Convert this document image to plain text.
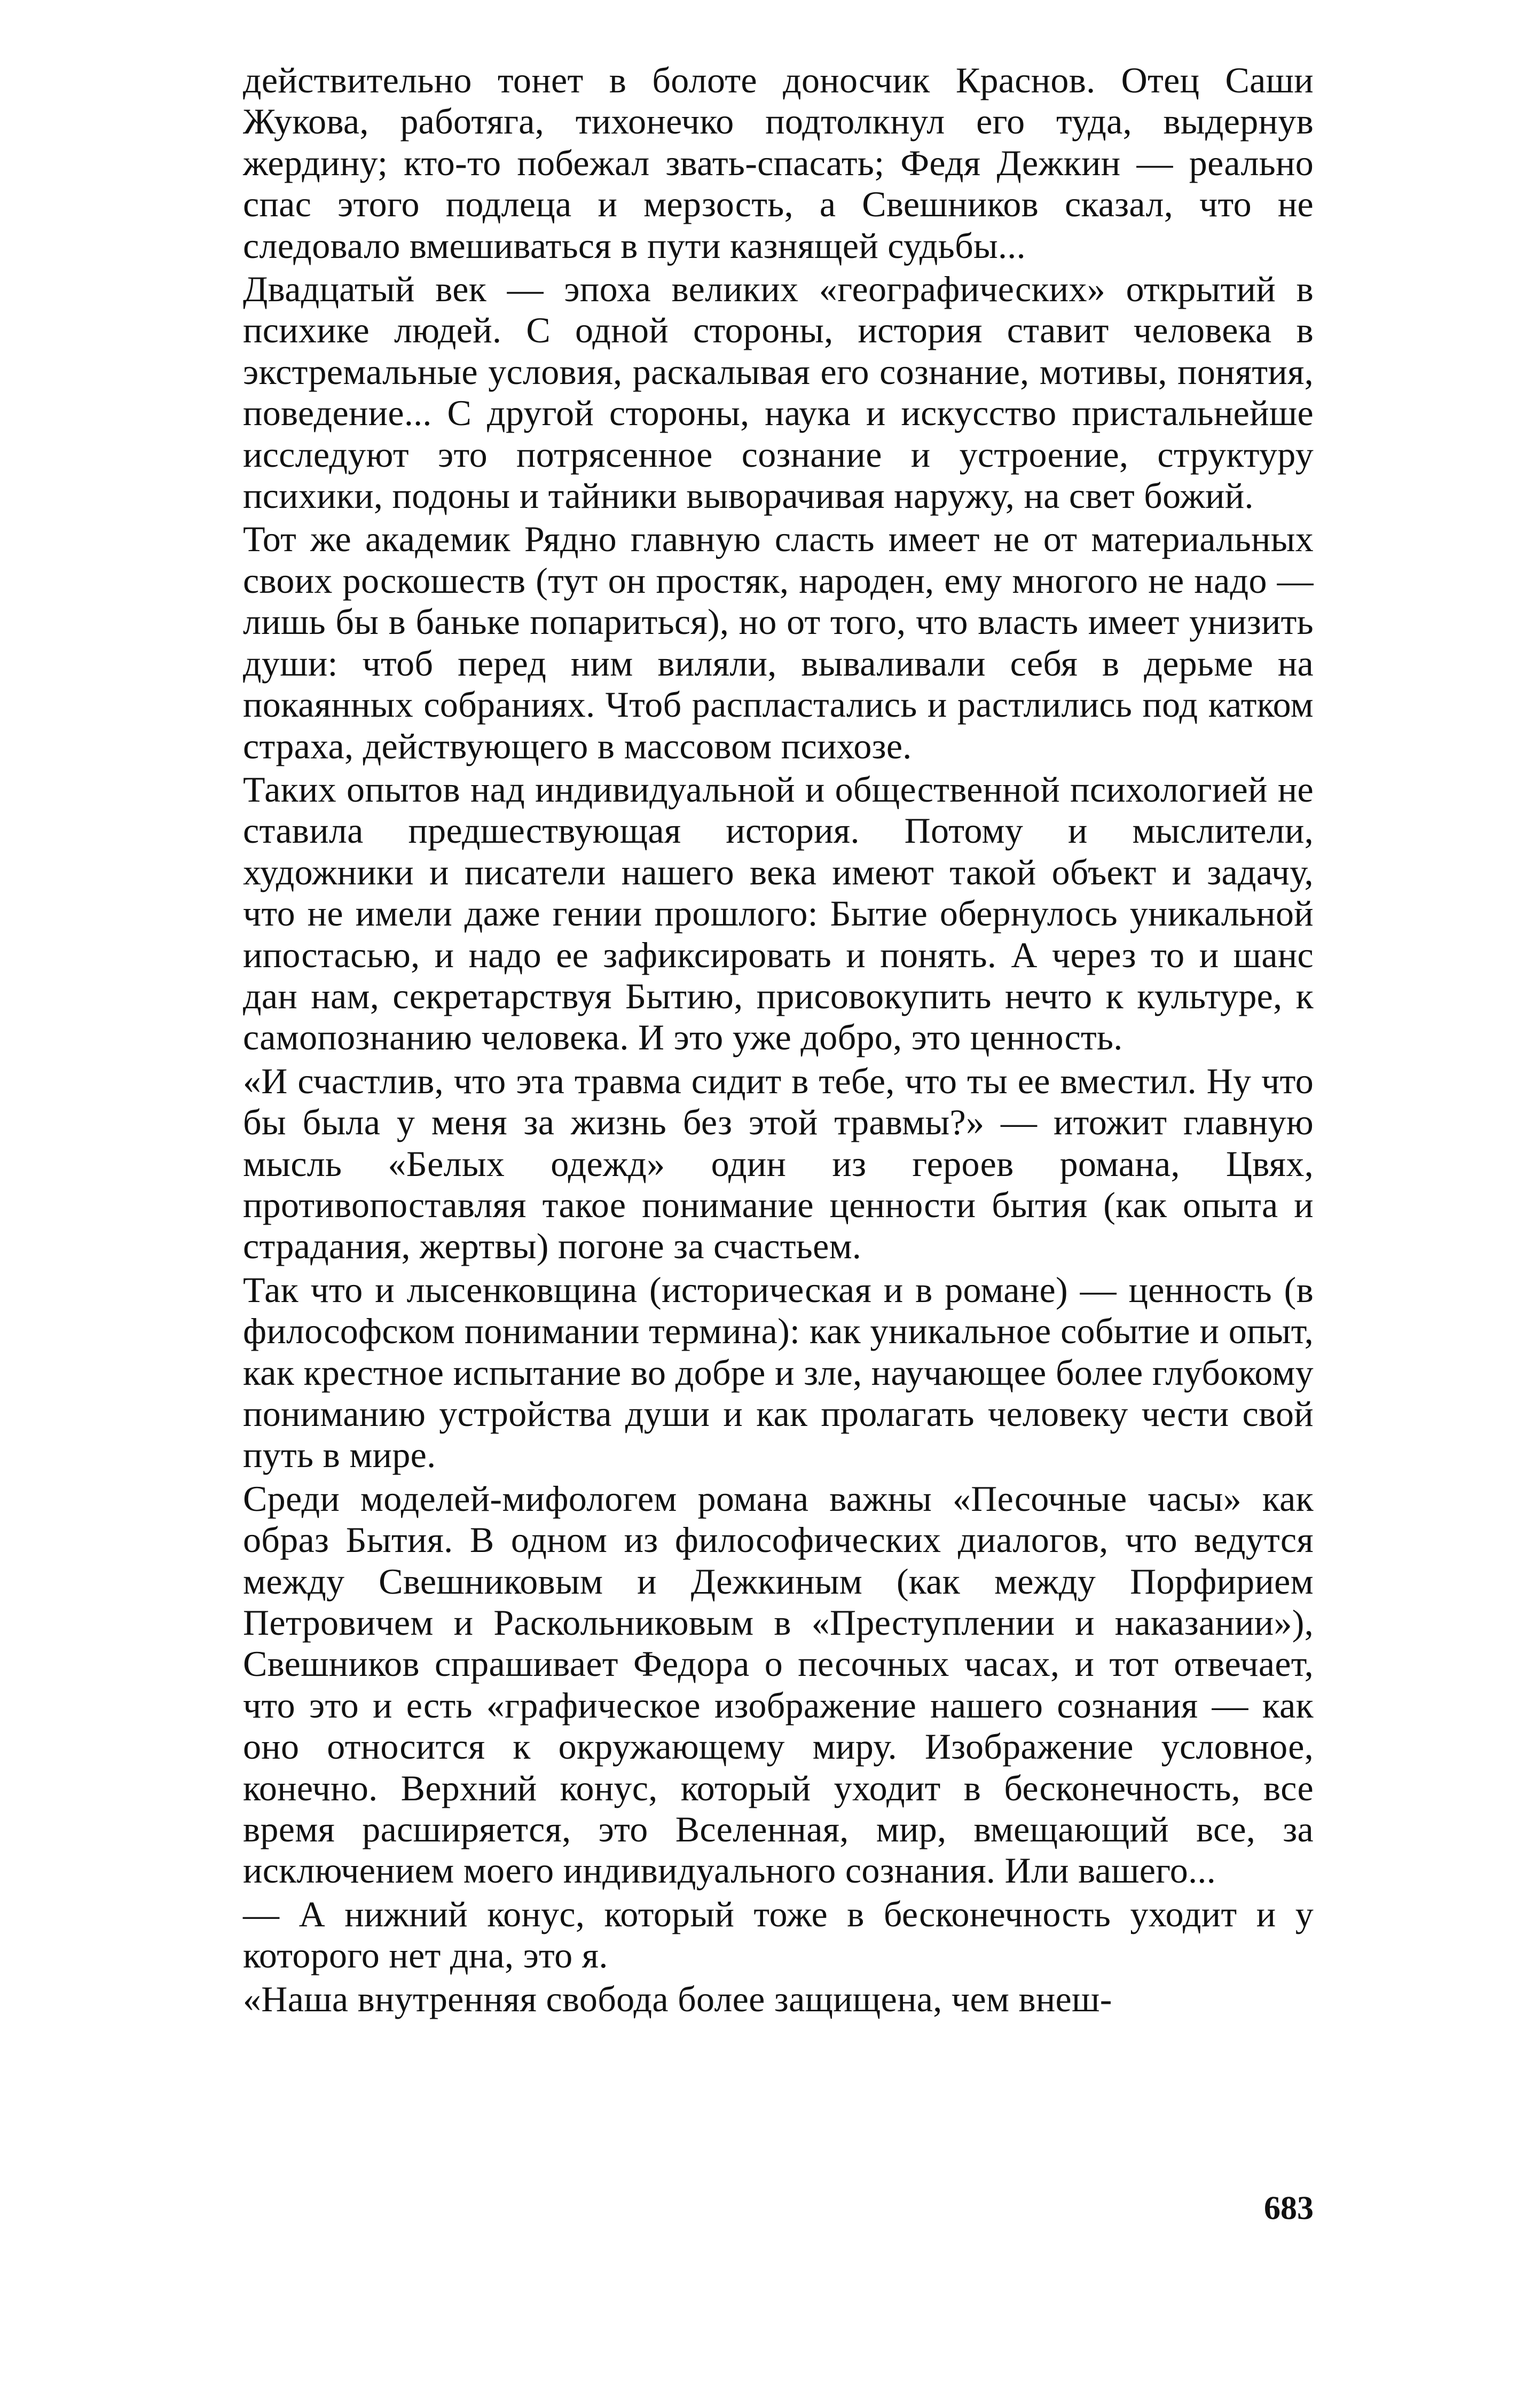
действительно тонет в болоте доносчик Краснов. Отец Саши Жукова, работяга, тихонечко подтолкнул его туда, выдернув жердину; кто-то побежал звать-спасать; Федя Дежкин — реально спас этого подлеца и мерзость, а Свешников сказал, что не следовало вмешиваться в пути казнящей судьбы...

Двадцатый век — эпоха великих «географических» открытий в психике людей. С одной стороны, история ставит человека в экстремальные условия, раскалывая его сознание, мотивы, понятия, поведение... С другой стороны, наука и искусство пристальнейше исследуют это потрясенное сознание и устроение, структуру психики, подоны и тайники выворачивая наружу, на свет божий.

Тот же академик Рядно главную сласть имеет не от материальных своих роскошеств (тут он простяк, народен, ему многого не надо — лишь бы в баньке попариться), но от того, что власть имеет унизить души: чтоб перед ним виляли, вываливали себя в дерьме на покаянных собраниях. Чтоб распластались и растлились под катком страха, действующего в массовом психозе.

Таких опытов над индивидуальной и общественной психологией не ставила предшествующая история. Потому и мыслители, художники и писатели нашего века имеют такой объект и задачу, что не имели даже гении прошлого: Бытие обернулось уникальной ипостасью, и надо ее зафиксировать и понять. А через то и шанс дан нам, секретарствуя Бытию, присовокупить нечто к культуре, к самопознанию человека. И это уже добро, это ценность.

«И счастлив, что эта травма сидит в тебе, что ты ее вместил. Ну что бы была у меня за жизнь без этой травмы?» — итожит главную мысль «Белых одежд» один из героев романа, Цвях, противопоставляя такое понимание ценности бытия (как опыта и страдания, жертвы) погоне за счастьем.

Так что и лысенковщина (историческая и в романе) — ценность (в философском понимании термина): как уникальное событие и опыт, как крестное испытание во добре и зле, научающее более глубокому пониманию устройства души и как пролагать человеку чести свой путь в мире.

Среди моделей-мифологем романа важны «Песочные часы» как образ Бытия. В одном из философических диалогов, что ведутся между Свешниковым и Дежкиным (как между Порфирием Петровичем и Раскольниковым в «Преступлении и наказании»), Свешников спрашивает Федора о песочных часах, и тот отвечает, что это и есть «графическое изображение нашего сознания — как оно относится к окружающему миру. Изображение условное, конечно. Верхний конус, который уходит в бесконечность, все время расширяется, это Вселенная, мир, вмещающий все, за исключением моего индивидуального сознания. Или вашего...

— А нижний конус, который тоже в бесконечность уходит и у которого нет дна, это я.

«Наша внутренняя свобода более защищена, чем внеш-

683
